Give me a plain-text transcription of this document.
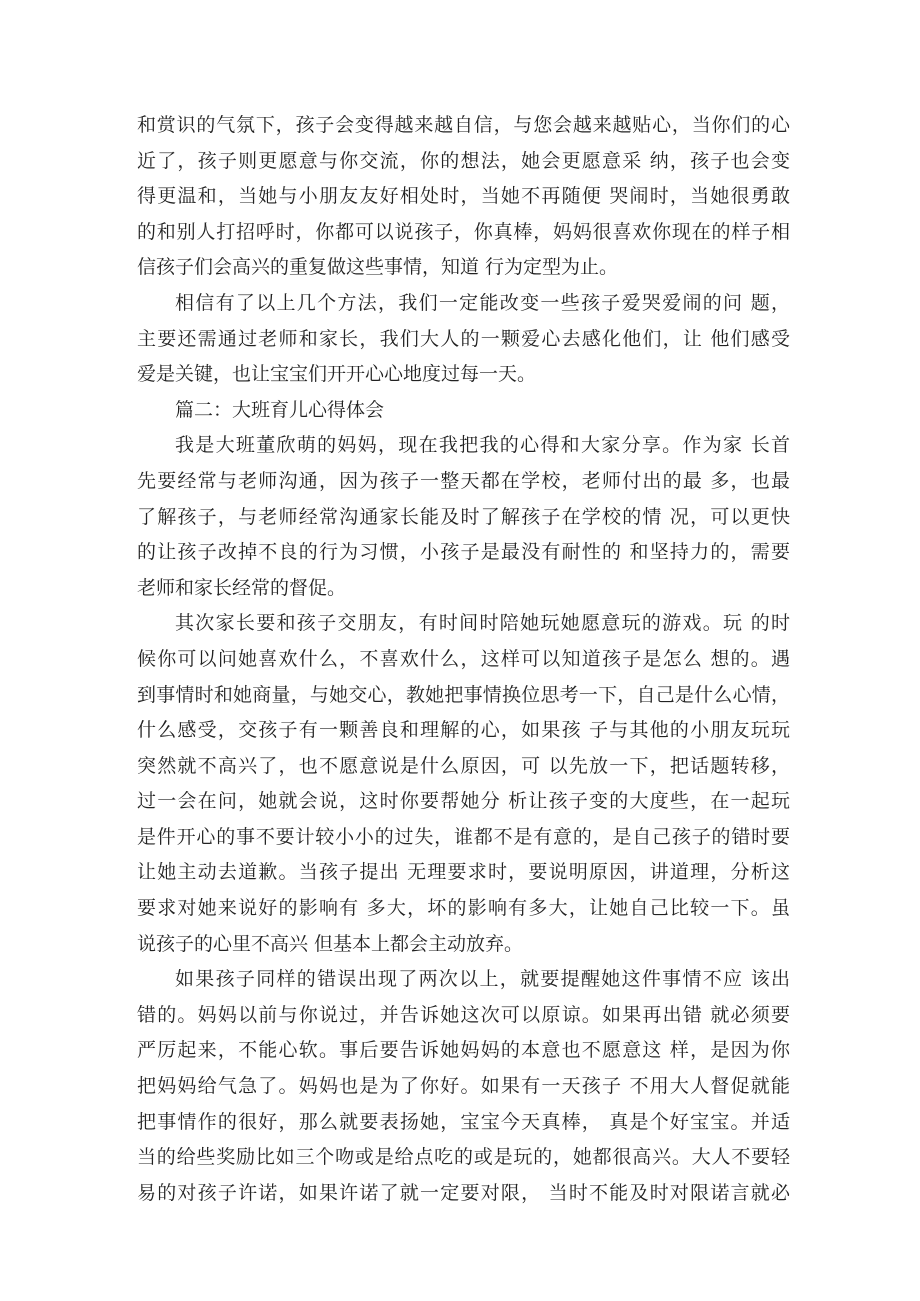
和赏识的气氛下，孩子会变得越来越自信，与您会越来越贴心，当你们的心
近了，孩子则更愿意与你交流，你的想法，她会更愿意采 纳，孩子也会变
得更温和，当她与小朋友友好相处时，当她不再随便 哭闹时，当她很勇敢
的和别人打招呼时，你都可以说孩子，你真棒，妈妈很喜欢你现在的样子相
信孩子们会高兴的重复做这些事情，知道 行为定型为止。
相信有了以上几个方法，我们一定能改变一些孩子爱哭爱闹的问 题，
主要还需通过老师和家长，我们大人的一颗爱心去感化他们，让 他们感受
爱是关键，也让宝宝们开开心心地度过每一天。
篇二：大班育儿心得体会
我是大班董欣萌的妈妈，现在我把我的心得和大家分享。作为家 长首
先要经常与老师沟通，因为孩子一整天都在学校，老师付出的最 多，也最
了解孩子，与老师经常沟通家长能及时了解孩子在学校的情 况，可以更快
的让孩子改掉不良的行为习惯，小孩子是最没有耐性的 和坚持力的，需要
老师和家长经常的督促。
其次家长要和孩子交朋友，有时间时陪她玩她愿意玩的游戏。玩 的时
候你可以问她喜欢什么，不喜欢什么，这样可以知道孩子是怎么 想的。遇
到事情时和她商量，与她交心，教她把事情换位思考一下，自己是什么心情，
什么感受，交孩子有一颗善良和理解的心，如果孩 子与其他的小朋友玩玩
突然就不高兴了，也不愿意说是什么原因，可 以先放一下，把话题转移，
过一会在问，她就会说，这时你要帮她分 析让孩子变的大度些，在一起玩
是件开心的事不要计较小小的过失，谁都不是有意的，是自己孩子的错时要
让她主动去道歉。当孩子提出 无理要求时，要说明原因，讲道理，分析这
要求对她来说好的影响有 多大，坏的影响有多大，让她自己比较一下。虽
说孩子的心里不高兴 但基本上都会主动放弃。
如果孩子同样的错误出现了两次以上，就要提醒她这件事情不应 该出
错的。妈妈以前与你说过，并告诉她这次可以原谅。如果再出错 就必须要
严厉起来，不能心软。事后要告诉她妈妈的本意也不愿意这 样，是因为你
把妈妈给气急了。妈妈也是为了你好。如果有一天孩子 不用大人督促就能
把事情作的很好，那么就要表扬她，宝宝今天真棒， 真是个好宝宝。并适
当的给些奖励比如三个吻或是给点吃的或是玩的，她都很高兴。大人不要轻
易的对孩子许诺，如果许诺了就一定要对限， 当时不能及时对限诺言就必
